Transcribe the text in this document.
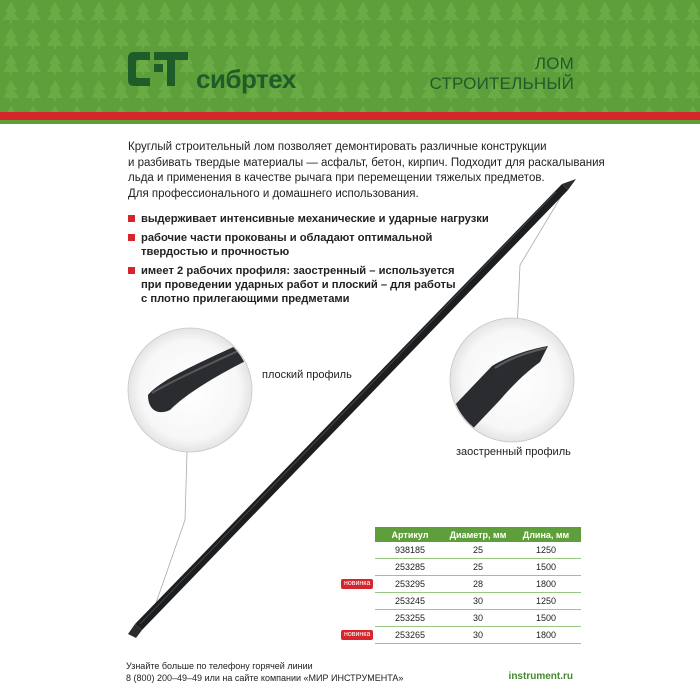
сибртех
ЛОМ
СТРОИТЕЛЬНЫЙ
Круглый строительный лом позволяет демонтировать различные конструкции
и разбивать твердые материалы — асфальт, бетон, кирпич. Подходит для раскалывания
льда и применения в качестве рычага при перемещении тяжелых предметов.
Для профессионального и домашнего использования.
выдерживает интенсивные механические и ударные нагрузки
рабочие части прокованы и обладают оптимальной
твердостью и прочностью
имеет 2 рабочих профиля: заостренный – используется
при проведении ударных работ и плоский – для работы
с плотно прилегающими предметами
плоский профиль
заостренный профиль
Артикул	Диаметр, мм	Длина, мм
938185	25	1250
253285	25	1500

новинка 253295	28	1800
253245	30	1250
253255	30	1500

новинка 253265	30	1800
Узнайте больше по телефону горячей линии
8 (800) 200–49–49 или на сайте компании «МИР ИНСТРУМЕНТА»	instrument.ru
